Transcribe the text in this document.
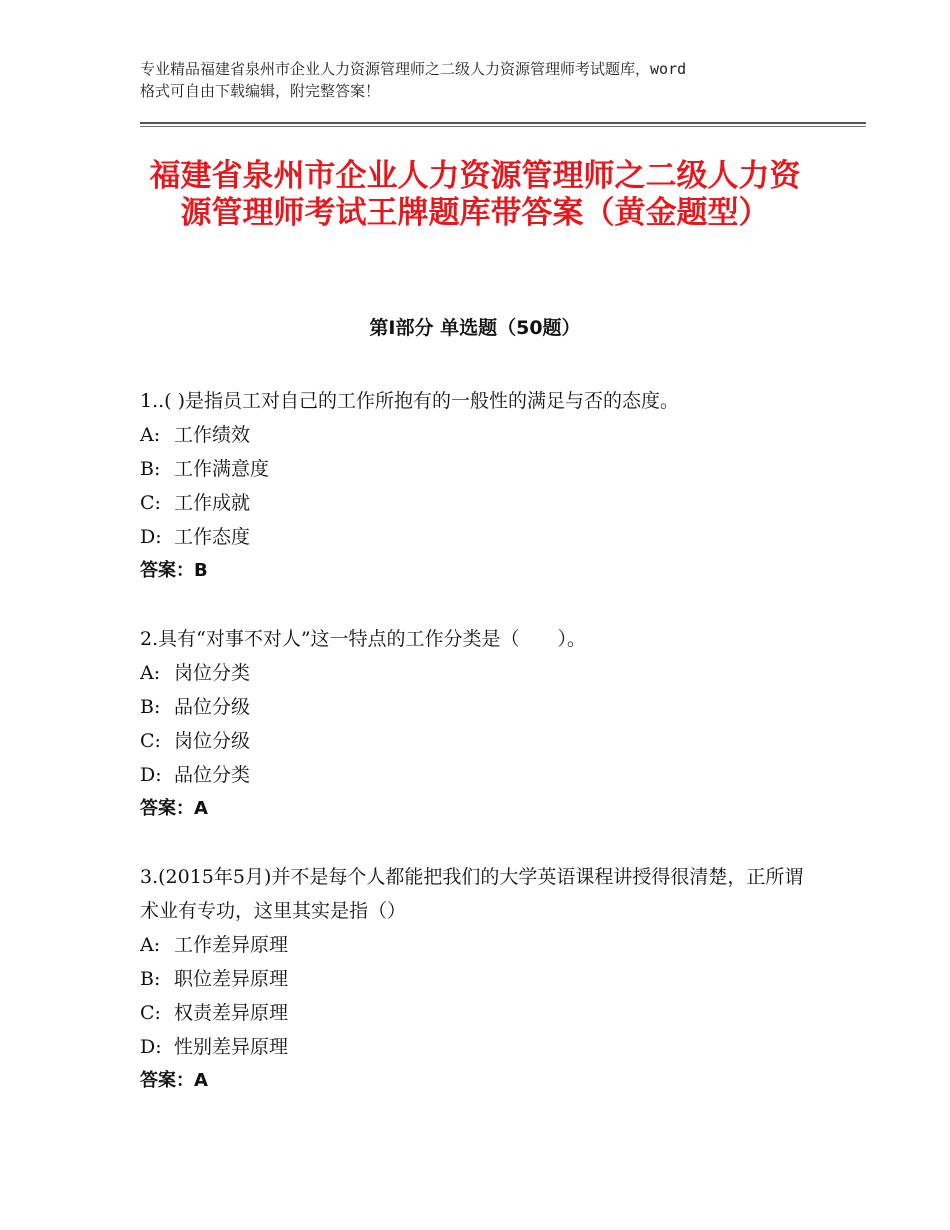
专业精品福建省泉州市企业人力资源管理师之二级人力资源管理师考试题库，word
格式可自由下载编辑，附完整答案！
福建省泉州市企业人力资源管理师之二级人力资源管理师考试王牌题库带答案（黄金题型）
第Ⅰ部分 单选题（50题）
1..( )是指员工对自己的工作所抱有的一般性的满足与否的态度。
A: 工作绩效
B: 工作满意度
C: 工作成就
D: 工作态度
答案：B
2.具有“对事不对人”这一特点的工作分类是（　　）。
A: 岗位分类
B: 品位分级
C: 岗位分级
D: 品位分类
答案：A
3.(2015年5月)并不是每个人都能把我们的大学英语课程讲授得很清楚，正所谓术业有专功，这里其实是指（）
A: 工作差异原理
B: 职位差异原理
C: 权责差异原理
D: 性别差异原理
答案：A
